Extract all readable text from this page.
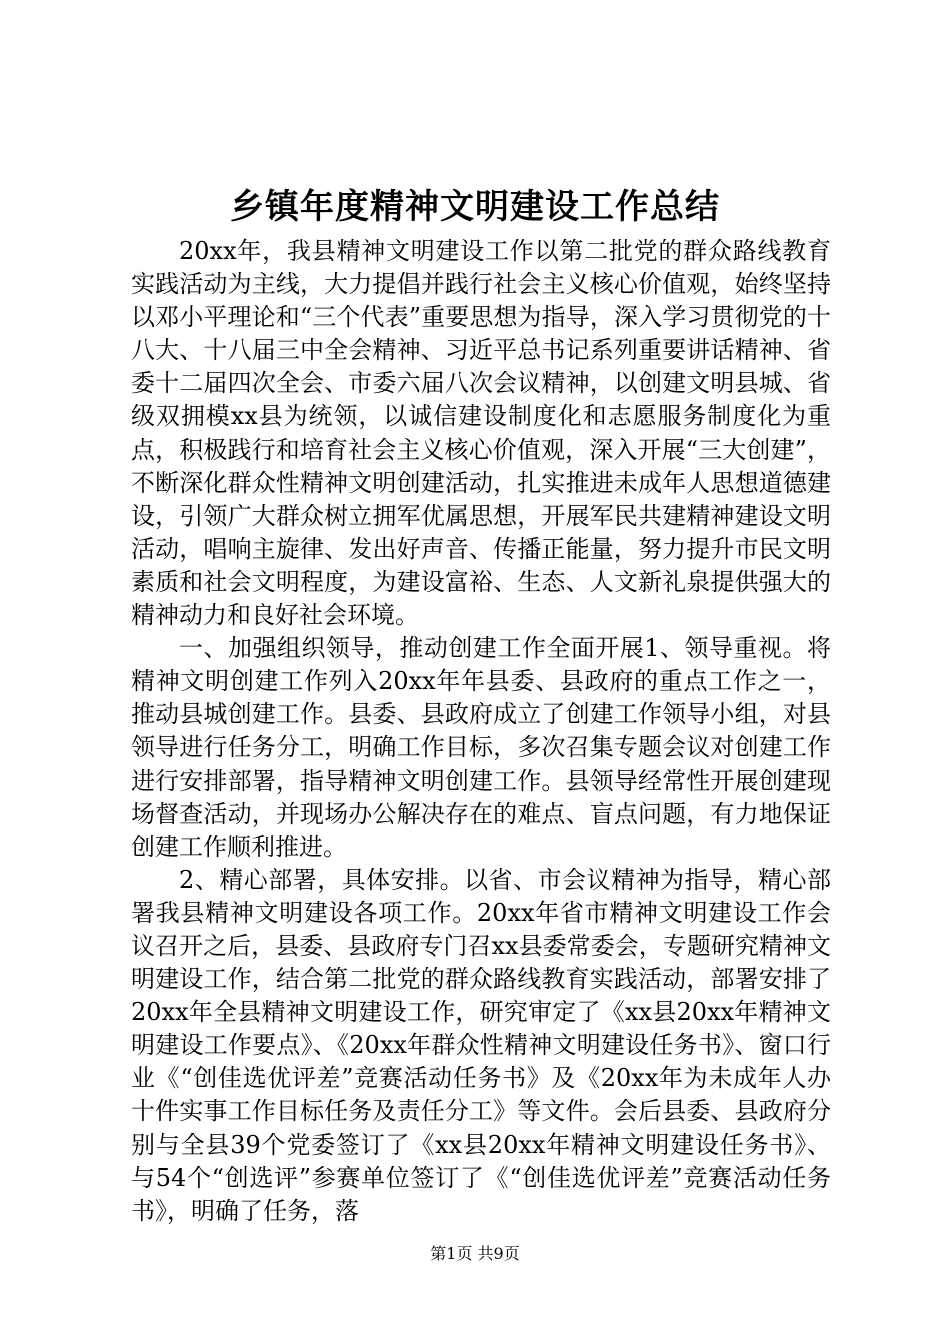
乡镇年度精神文明建设工作总结

20xx年，我县精神文明建设工作以第二批党的群众路线教育实践活动为主线，大力提倡并践行社会主义核心价值观，始终坚持以邓小平理论和“三个代表”重要思想为指导，深入学习贯彻党的十八大、十八届三中全会精神、习近平总书记系列重要讲话精神、省委十二届四次全会、市委六届八次会议精神，以创建文明县城、省级双拥模xx县为统领，以诚信建设制度化和志愿服务制度化为重点，积极践行和培育社会主义核心价值观，深入开展“三大创建”，不断深化群众性精神文明创建活动，扎实推进未成年人思想道德建设，引领广大群众树立拥军优属思想，开展军民共建精神建设文明活动，唱响主旋律、发出好声音、传播正能量，努力提升市民文明素质和社会文明程度，为建设富裕、生态、人文新礼泉提供强大的精神动力和良好社会环境。

一、加强组织领导，推动创建工作全面开展1、领导重视。将精神文明创建工作列入20xx年年县委、县政府的重点工作之一，推动县城创建工作。县委、县政府成立了创建工作领导小组，对县领导进行任务分工，明确工作目标，多次召集专题会议对创建工作进行安排部署，指导精神文明创建工作。县领导经常性开展创建现场督查活动，并现场办公解决存在的难点、盲点问题，有力地保证创建工作顺利推进。

2、精心部署，具体安排。以省、市会议精神为指导，精心部署我县精神文明建设各项工作。20xx年省市精神文明建设工作会议召开之后，县委、县政府专门召xx县委常委会，专题研究精神文明建设工作，结合第二批党的群众路线教育实践活动，部署安排了20xx年全县精神文明建设工作，研究审定了《xx县20xx年精神文明建设工作要点》、《20xx年群众性精神文明建设任务书》、窗口行业《“创佳选优评差”竞赛活动任务书》及《20xx年为未成年人办十件实事工作目标任务及责任分工》等文件。会后县委、县政府分别与全县39个党委签订了《xx县20xx年精神文明建设任务书》、与54个“创选评”参赛单位签订了《“创佳选优评差”竞赛活动任务书》，明确了任务，落

第1页 共9页
